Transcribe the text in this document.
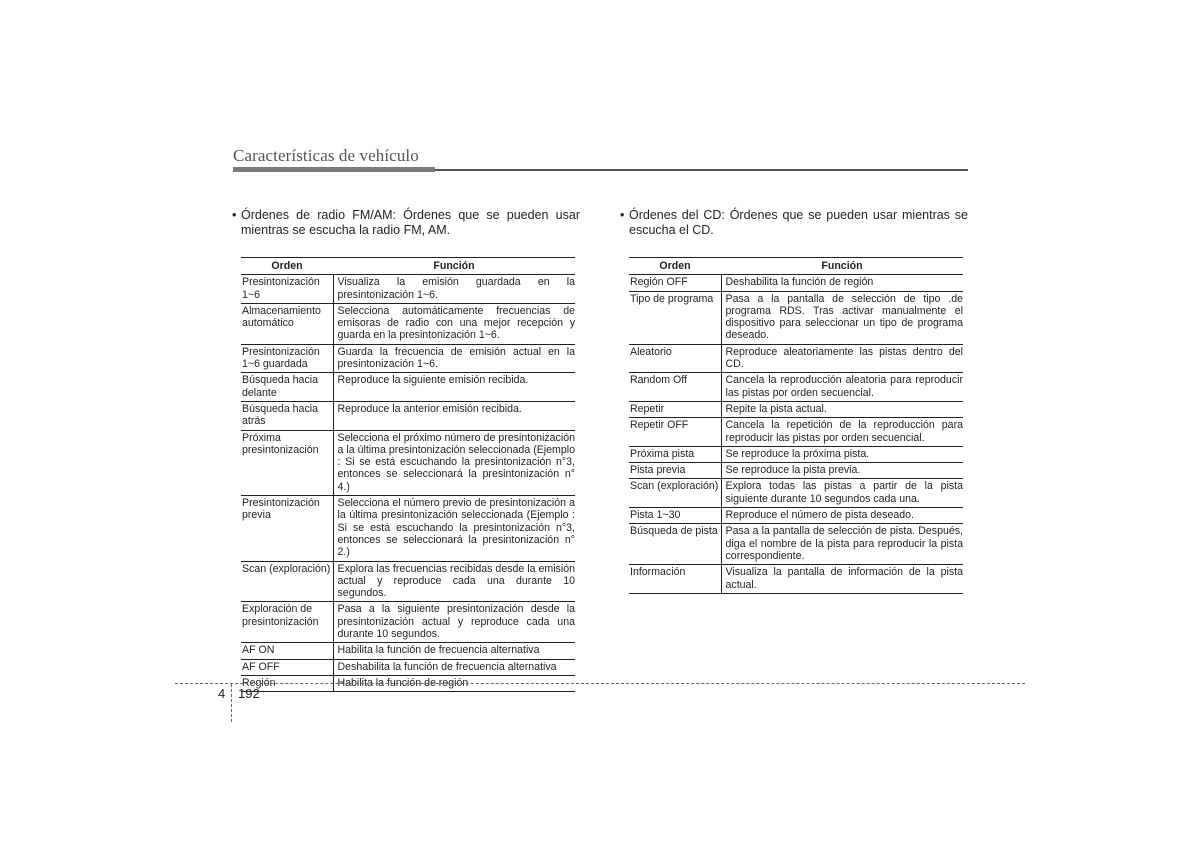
Características de vehículo
• Órdenes de radio FM/AM: Órdenes que se pueden usar mientras se escucha la radio FM, AM.
Orden	Función
Presintonización 1~6	Visualiza la emisión guardada en la presintonización 1~6.
Almacenamiento automático	Selecciona automáticamente frecuencias de emisoras de radio con una mejor recepción y guarda en la presintonización 1~6.
Presintonización 1~6 guardada	Guarda la frecuencia de emisión actual en la presintonización 1~6.
Búsqueda hacia delante	Reproduce la siguiente emisión recibida.
Búsqueda hacia atrás	Reproduce la anterior emisión recibida.
Próxima presintonización	Selecciona el próximo número de presintonización a la última presintonización seleccionada (Ejemplo : Si se está escuchando la presintonización n°3, entonces se seleccionará la presintonización n° 4.)
Presintonización previa	Selecciona el número previo de presintonización a la última presintonización seleccionada (Ejemplo : Si se está escuchando la presintonización n°3, entonces se seleccionará la presintonización n° 2.)
Scan (exploración)	Explora las frecuencias recibidas desde la emisión actual y reproduce cada una durante 10 segundos.
Exploración de presintonización	Pasa a la siguiente presintonización desde la presintonización actual y reproduce cada una durante 10 segundos.
AF ON	Habilita la función de frecuencia alternativa
AF OFF	Deshabilita la función de frecuencia alternativa
Región	Habilita la función de región
• Órdenes del CD: Órdenes que se pueden usar mientras se escucha el CD.
Orden	Función
Región OFF	Deshabilita la función de región
Tipo de programa	Pasa a la pantalla de selección de tipo .de programa RDS. Tras activar manualmente el dispositivo para seleccionar un tipo de programa deseado.
Aleatorio	Reproduce aleatoriamente las pistas dentro del CD.
Random Off	Cancela la reproducción aleatoria para reproducir las pistas por orden secuencial.
Repetir	Repite la pista actual.
Repetir OFF	Cancela la repetición de la reproducción para reproducir las pistas por orden secuencial.
Próxima pista	Se reproduce la próxima pista.
Pista previa	Se reproduce la pista previa.
Scan (exploración)	Explora todas las pistas a partir de la pista siguiente durante 10 segundos cada una.
Pista 1~30	Reproduce el número de pista deseado.
Búsqueda de pista	Pasa a la pantalla de selección de pista. Después, diga el nombre de la pista para reproducir la pista correspondiente.
Información	Visualiza la pantalla de información de la pista actual.
4 192
